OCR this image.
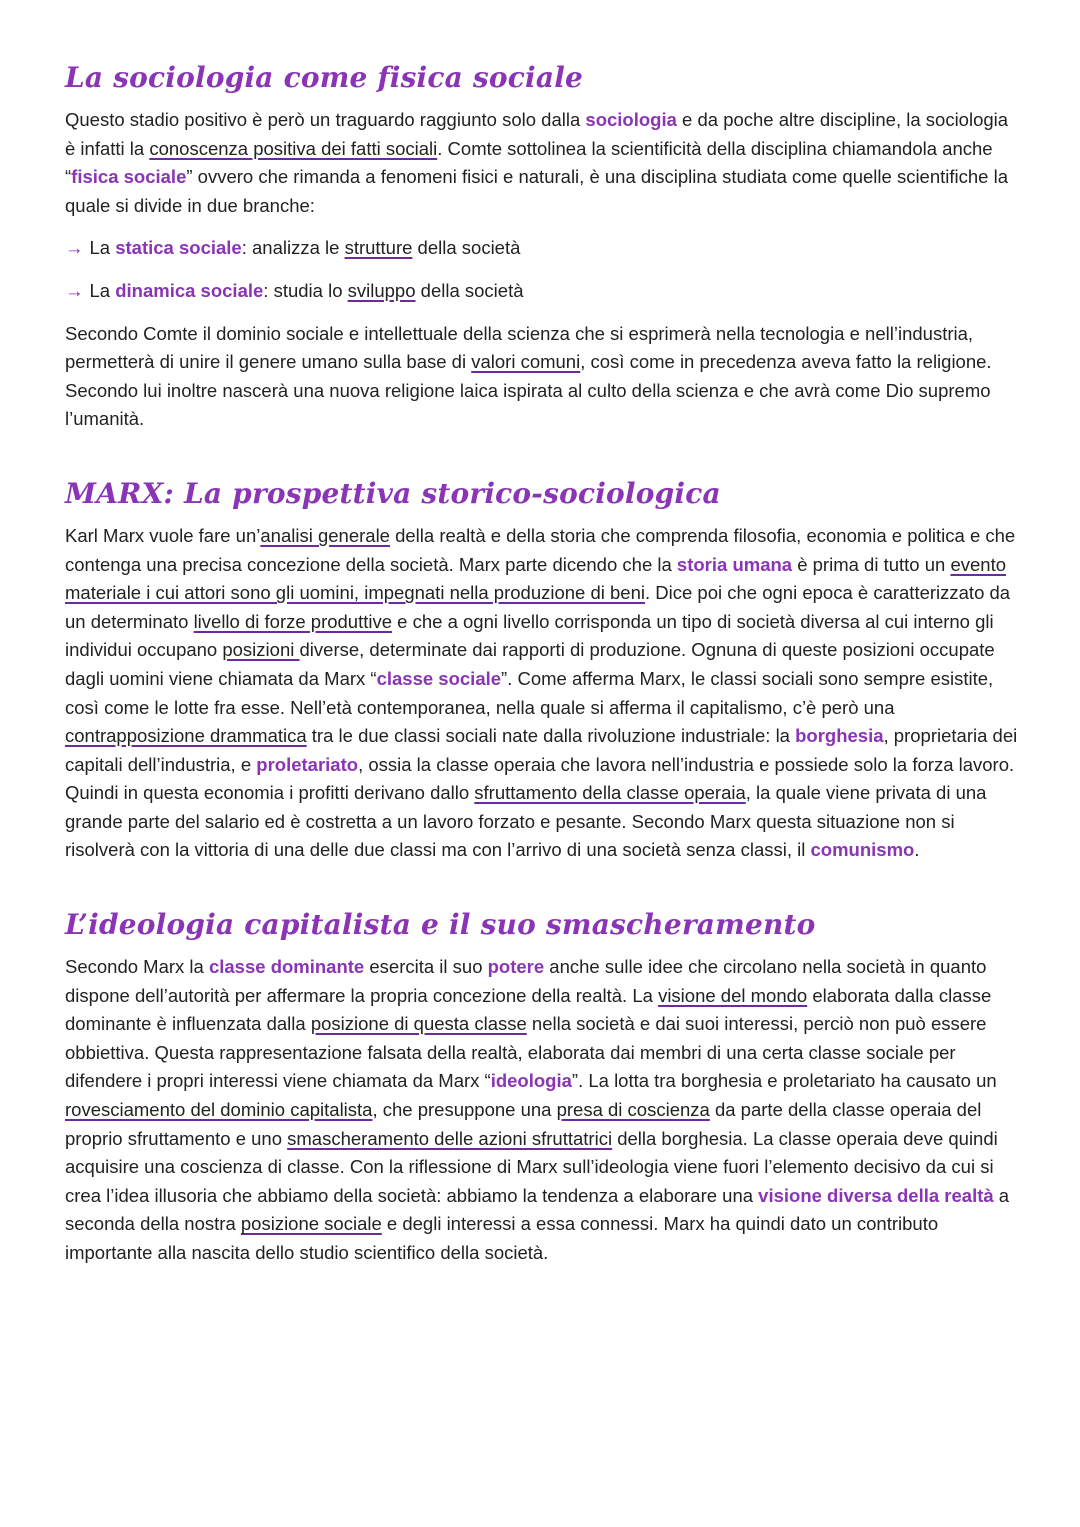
La sociologia come fisica sociale

Questo stadio positivo è però un traguardo raggiunto solo dalla sociologia e da poche altre discipline, la sociologia è infatti la conoscenza positiva dei fatti sociali. Comte sottolinea la scientificità della disciplina chiamandola anche “fisica sociale” ovvero che rimanda a fenomeni fisici e naturali, è una disciplina studiata come quelle scientifiche la quale si divide in due branche:

→ La statica sociale: analizza le strutture della società
→ La dinamica sociale: studia lo sviluppo della società

Secondo Comte il dominio sociale e intellettuale della scienza che si esprimerà nella tecnologia e nell’industria, permetterà di unire il genere umano sulla base di valori comuni, così come in precedenza aveva fatto la religione. Secondo lui inoltre nascerà una nuova religione laica ispirata al culto della scienza e che avrà come Dio supremo l’umanità.

MARX: La prospettiva storico-sociologica

Karl Marx vuole fare un’analisi generale della realtà e della storia che comprenda filosofia, economia e politica e che contenga una precisa concezione della società. Marx parte dicendo che la storia umana è prima di tutto un evento materiale i cui attori sono gli uomini, impegnati nella produzione di beni. Dice poi che ogni epoca è caratterizzato da un determinato livello di forze produttive e che a ogni livello corrisponda un tipo di società diversa al cui interno gli individui occupano posizioni diverse, determinate dai rapporti di produzione. Ognuna di queste posizioni occupate dagli uomini viene chiamata da Marx “classe sociale”. Come afferma Marx, le classi sociali sono sempre esistite, così come le lotte fra esse. Nell’età contemporanea, nella quale si afferma il capitalismo, c’è però una contrapposizione drammatica tra le due classi sociali nate dalla rivoluzione industriale: la borghesia, proprietaria dei capitali dell’industria, e proletariato, ossia la classe operaia che lavora nell’industria e possiede solo la forza lavoro. Quindi in questa economia i profitti derivano dallo sfruttamento della classe operaia, la quale viene privata di una grande parte del salario ed è costretta a un lavoro forzato e pesante. Secondo Marx questa situazione non si risolverà con la vittoria di una delle due classi ma con l’arrivo di una società senza classi, il comunismo.

L’ideologia capitalista e il suo smascheramento

Secondo Marx la classe dominante esercita il suo potere anche sulle idee che circolano nella società in quanto dispone dell’autorità per affermare la propria concezione della realtà. La visione del mondo elaborata dalla classe dominante è influenzata dalla posizione di questa classe nella società e dai suoi interessi, perciò non può essere obbiettiva. Questa rappresentazione falsata della realtà, elaborata dai membri di una certa classe sociale per difendere i propri interessi viene chiamata da Marx “ideologia”. La lotta tra borghesia e proletariato ha causato un rovesciamento del dominio capitalista, che presuppone una presa di coscienza da parte della classe operaia del proprio sfruttamento e uno smascheramento delle azioni sfruttatrici della borghesia. La classe operaia deve quindi acquisire una coscienza di classe. Con la riflessione di Marx sull’ideologia viene fuori l’elemento decisivo da cui si crea l’idea illusoria che abbiamo della società: abbiamo la tendenza a elaborare una visione diversa della realtà a seconda della nostra posizione sociale e degli interessi a essa connessi. Marx ha quindi dato un contributo importante alla nascita dello studio scientifico della società.
